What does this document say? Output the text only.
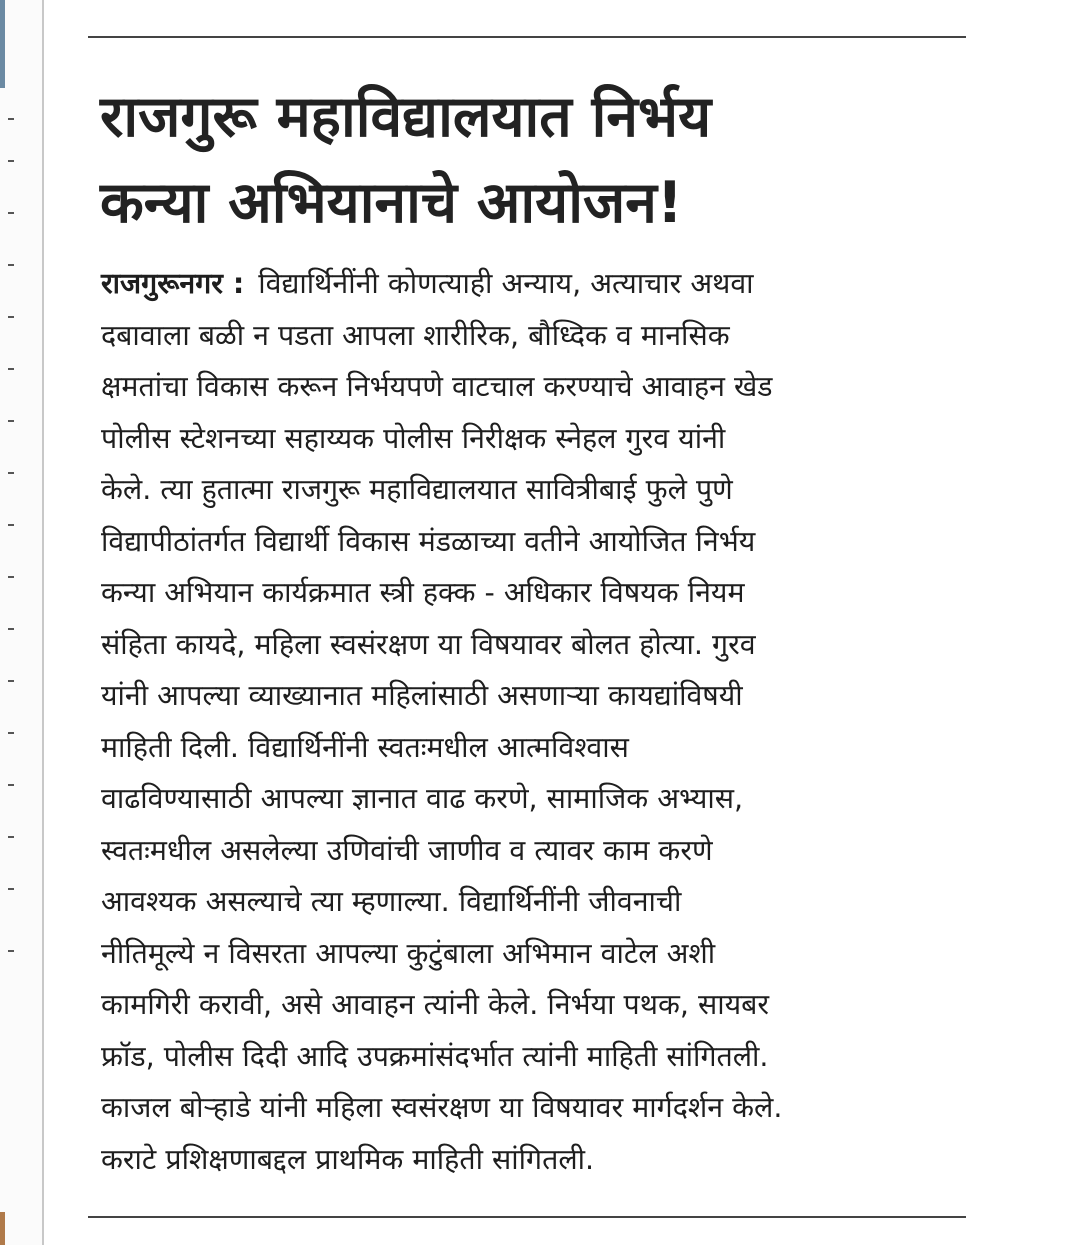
राजगुरू महाविद्यालयात निर्भय
कन्या अभियानाचे आयोजन!
राजगुरूनगर : विद्यार्थिनींनी कोणत्याही अन्याय, अत्याचार अथवा
दबावाला बळी न पडता आपला शारीरिक, बौध्दिक व मानसिक
क्षमतांचा विकास करून निर्भयपणे वाटचाल करण्याचे आवाहन खेड
पोलीस स्टेशनच्या सहाय्यक पोलीस निरीक्षक स्नेहल गुरव यांनी
केले. त्या हुतात्मा राजगुरू महाविद्यालयात सावित्रीबाई फुले पुणे
विद्यापीठांतर्गत विद्यार्थी विकास मंडळाच्या वतीने आयोजित निर्भय
कन्या अभियान कार्यक्रमात स्त्री हक्क - अधिकार विषयक नियम
संहिता कायदे, महिला स्वसंरक्षण या विषयावर बोलत होत्या. गुरव
यांनी आपल्या व्याख्यानात महिलांसाठी असणाऱ्या कायद्यांविषयी
माहिती दिली. विद्यार्थिनींनी स्वतःमधील आत्मविश्वास
वाढविण्यासाठी आपल्या ज्ञानात वाढ करणे, सामाजिक अभ्यास,
स्वतःमधील असलेल्या उणिवांची जाणीव व त्यावर काम करणे
आवश्यक असल्याचे त्या म्हणाल्या. विद्यार्थिनींनी जीवनाची
नीतिमूल्ये न विसरता आपल्या कुटुंबाला अभिमान वाटेल अशी
कामगिरी करावी, असे आवाहन त्यांनी केले. निर्भया पथक, सायबर
फ्रॉड, पोलीस दिदी आदि उपक्रमांसंदर्भात त्यांनी माहिती सांगितली.
काजल बोऱ्हाडे यांनी महिला स्वसंरक्षण या विषयावर मार्गदर्शन केले.
कराटे प्रशिक्षणाबद्दल प्राथमिक माहिती सांगितली.
